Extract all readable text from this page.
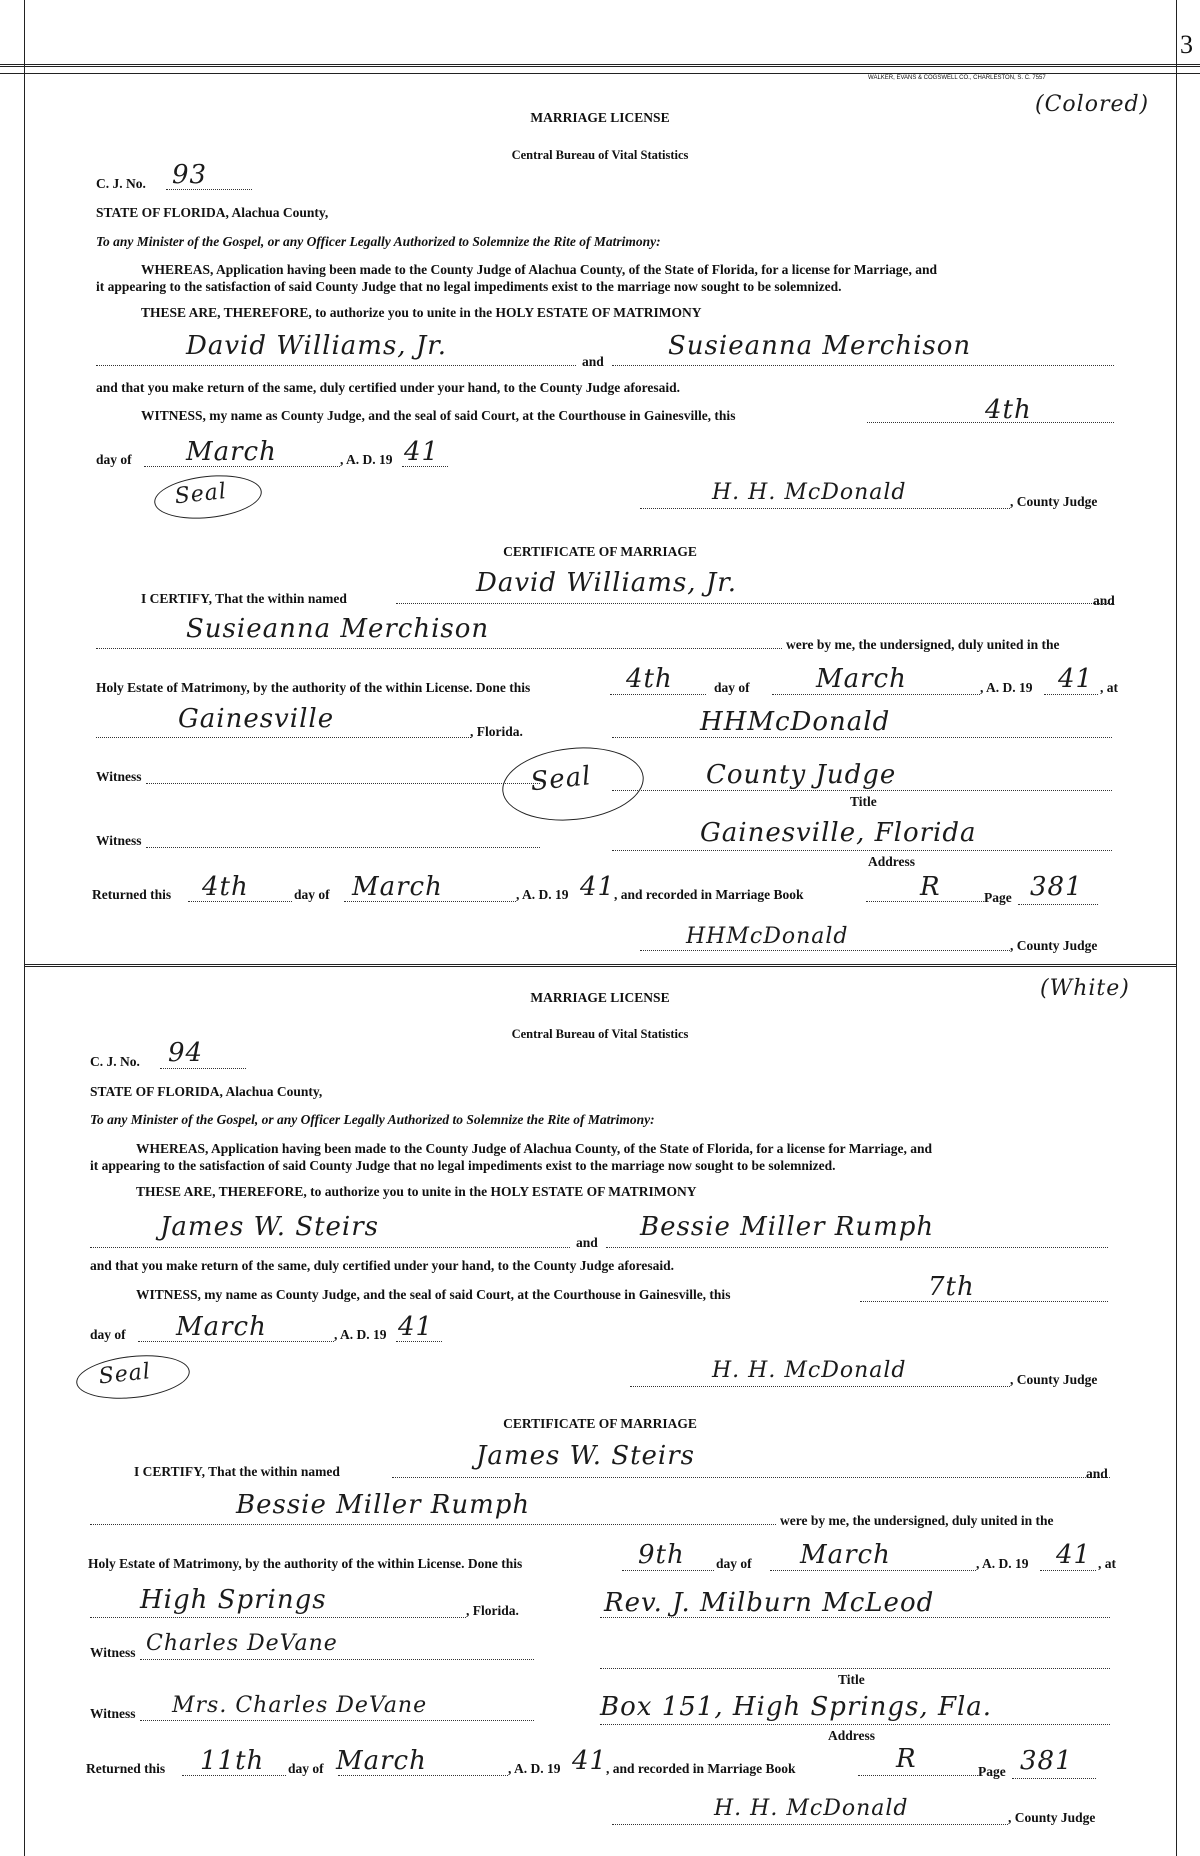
WALKER, EVANS & COGSWELL CO., CHARLESTON, S. C. 7557
3
(Colored)
MARRIAGE LICENSE
Central Bureau of Vital Statistics
C. J. No. 93
STATE OF FLORIDA, Alachua County,
To any Minister of the Gospel, or any Officer Legally Authorized to Solemnize the Rite of Matrimony:
WHEREAS, Application having been made to the County Judge of Alachua County, of the State of Florida, for a license for Marriage, and
it appearing to the satisfaction of said County Judge that no legal impediments exist to the marriage now sought to be solemnized.
THESE ARE, THEREFORE, to authorize you to unite in the HOLY ESTATE OF MATRIMONY
David Williams, Jr.
and
Susieanna Merchison
and that you make return of the same, duly certified under your hand, to the County Judge aforesaid.
WITNESS, my name as County Judge, and the seal of said Court, at the Courthouse in Gainesville, this	4th
day of March	, A. D. 19 41
Seal	H. H. McDonald	, County Judge
CERTIFICATE OF MARRIAGE
I CERTIFY, That the within named
David Williams, Jr.
and
Susieanna Merchison
were by me, the undersigned, duly united in the
Holy Estate of Matrimony, by the authority of the within License. Done this	4th	day of	March	, A. D. 19 41 , at
Gainesville	, Florida.	HHMcDonald
Witness	Seal	County Judge
Title
Witness	Gainesville, Florida
Address
Returned this 4th	day of March	, A. D. 19 41
, and recorded in Marriage Book	R	Page 381
HHMcDonald	, County Judge
(White)
MARRIAGE LICENSE
Central Bureau of Vital Statistics
C. J. No. 94
STATE OF FLORIDA, Alachua County,
To any Minister of the Gospel, or any Officer Legally Authorized to Solemnize the Rite of Matrimony:
WHEREAS, Application having been made to the County Judge of Alachua County, of the State of Florida, for a license for Marriage, and
it appearing to the satisfaction of said County Judge that no legal impediments exist to the marriage now sought to be solemnized.
THESE ARE, THEREFORE, to authorize you to unite in the HOLY ESTATE OF MATRIMONY
James W. Steirs
and
Bessie Miller Rumph
and that you make return of the same, duly certified under your hand, to the County Judge aforesaid.
WITNESS, my name as County Judge, and the seal of said Court, at the Courthouse in Gainesville, this	7th
day of March	, A. D. 19 41
Seal	H. H. McDonald	, County Judge
CERTIFICATE OF MARRIAGE
I CERTIFY, That the within named
James W. Steirs
and
Bessie Miller Rumph
were by me, the undersigned, duly united in the
Holy Estate of Matrimony, by the authority of the within License. Done this	9th day of March	, A. D. 19 41 , at
High Springs	, Florida.	Rev. J. Milburn McLeod
Witness Charles DeVane
Title
Witness Mrs. Charles DeVane	Box 151, High Springs, Fla.
Address
Returned this 11th day of March	, A. D. 19 41
, and recorded in Marriage Book	R	Page 381
H. H. McDonald	, County Judge
